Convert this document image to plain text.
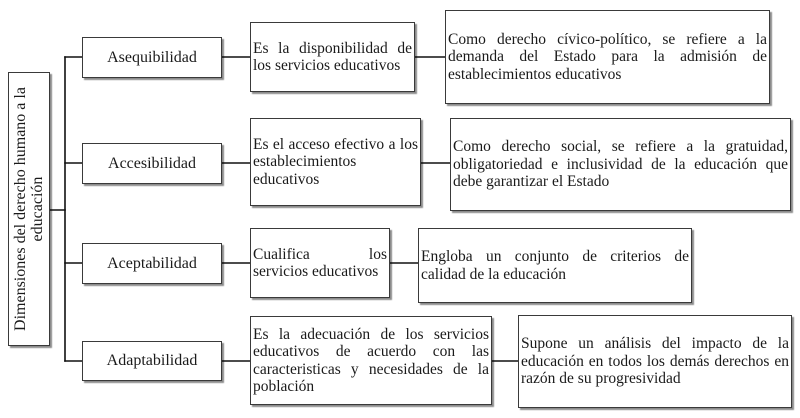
Dimensiones del derecho humano a la educación
Asequibilidad
Accesibilidad
Aceptabilidad
Adaptabilidad
Es la disponibilidad de
los servicios educativos
Es el acceso efectivo a los
establecimientos
educativos
Cualifica los
servicios educativos
Es la adecuación de los servicios
educativos de acuerdo con las
caracteristicas y necesidades de la
población
Como derecho cívico-político, se refiere a la
demanda del Estado para la admisión de
establecimientos educativos
Como derecho social, se refiere a la gratuidad,
obligatoriedad e inclusividad de la educación que
debe garantizar el Estado
Engloba un conjunto de criterios de
calidad de la educación
Supone un análisis del impacto de la
educación en todos los demás derechos en
razón de su progresividad
